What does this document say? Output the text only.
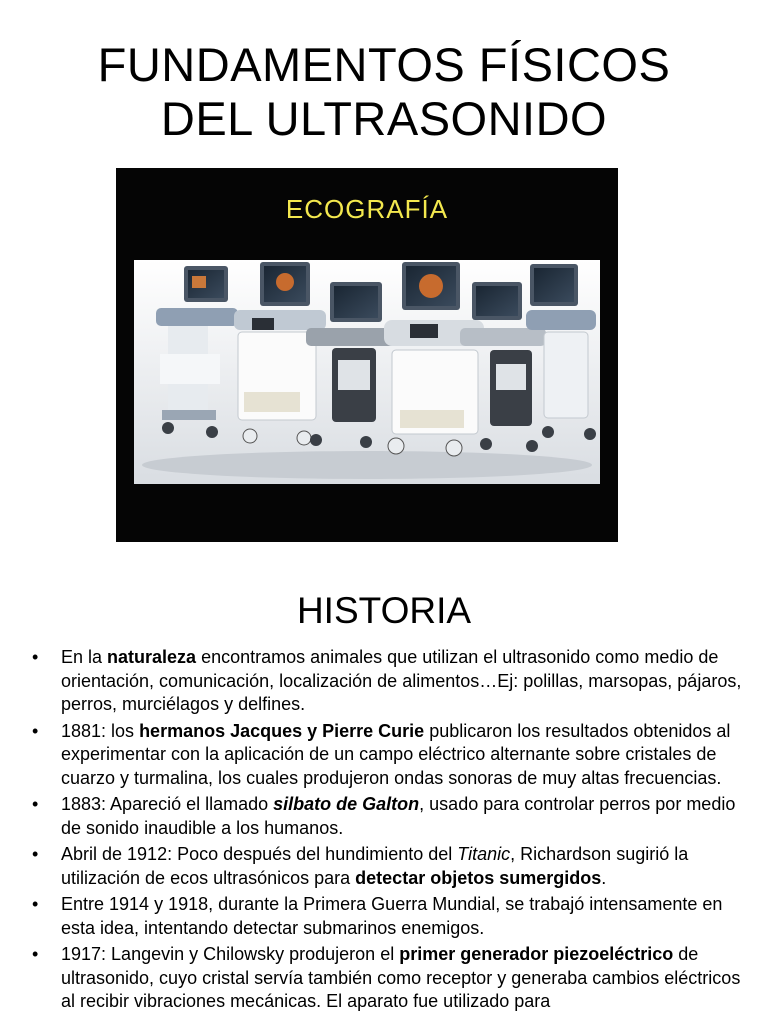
FUNDAMENTOS FÍSICOS
DEL ULTRASONIDO
ECOGRAFÍA
HISTORIA
• En la naturaleza encontramos animales que utilizan el ultrasonido como medio de orientación, comunicación, localización de alimentos…Ej: polillas, marsopas, pájaros, perros, murciélagos y delfines.
• 1881: los hermanos Jacques y Pierre Curie publicaron los resultados obtenidos al experimentar con la aplicación de un campo eléctrico alternante sobre cristales de cuarzo y turmalina, los cuales produjeron ondas sonoras de muy altas frecuencias.
• 1883: Apareció el llamado silbato de Galton, usado para controlar perros por medio de sonido inaudible a los humanos.
• Abril de 1912: Poco después del hundimiento del Titanic, Richardson sugirió la utilización de ecos ultrasónicos para detectar objetos sumergidos.
• Entre 1914 y 1918, durante la Primera Guerra Mundial, se trabajó intensamente en esta idea, intentando detectar submarinos enemigos.
• 1917: Langevin y Chilowsky produjeron el primer generador piezoeléctrico de ultrasonido, cuyo cristal servía también como receptor y generaba cambios eléctricos al recibir vibraciones mecánicas. El aparato fue utilizado para
